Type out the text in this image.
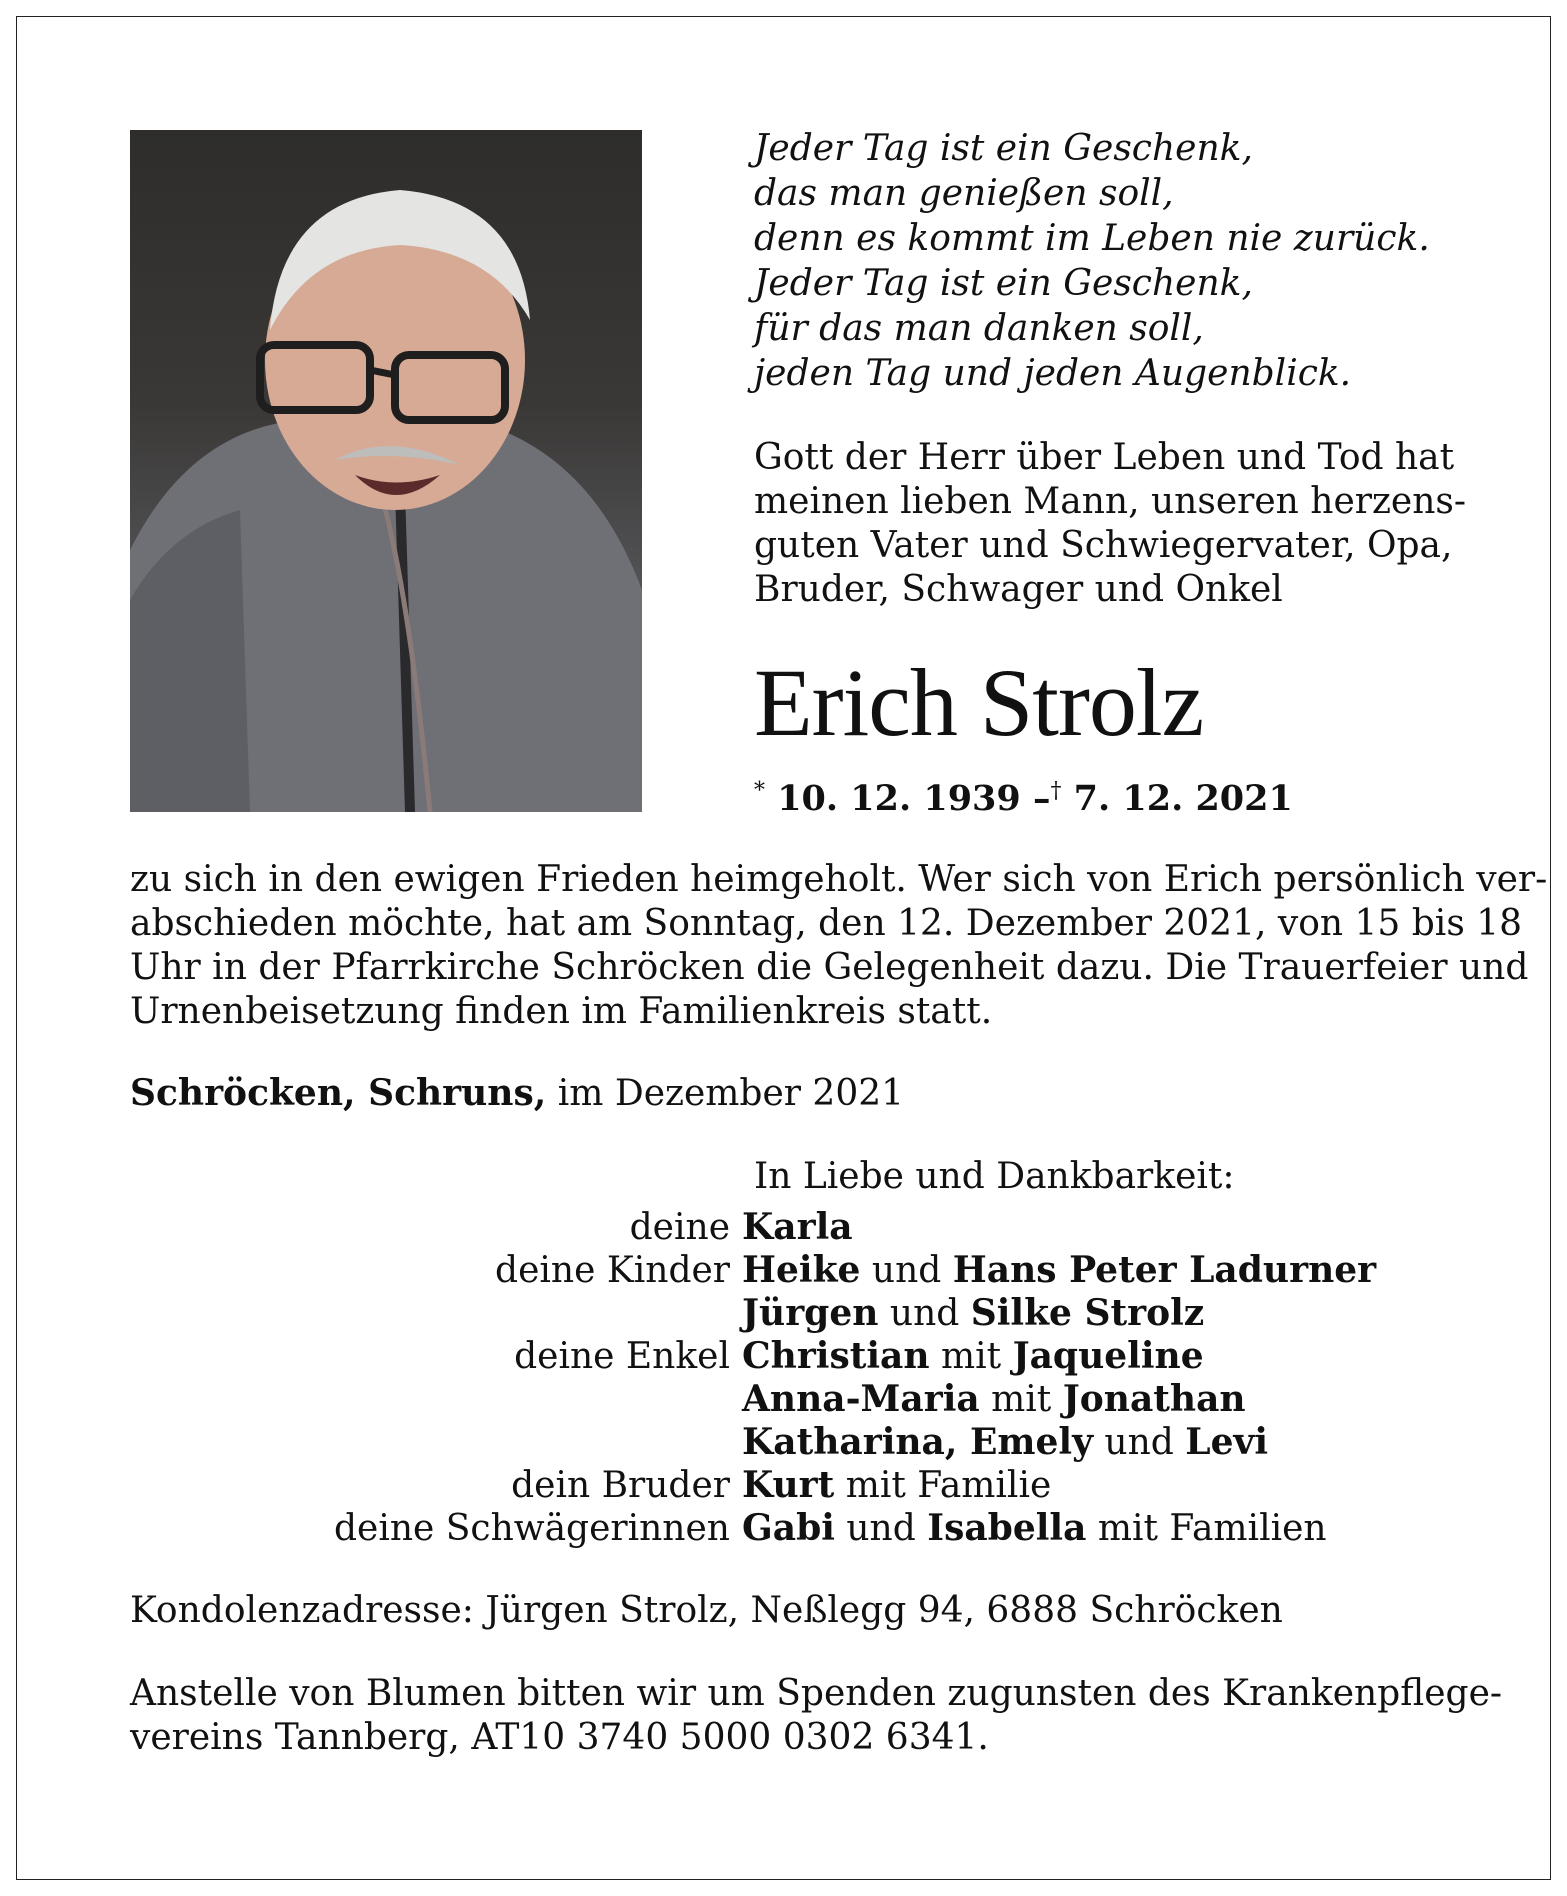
Jeder Tag ist ein Geschenk,
das man genießen soll,
denn es kommt im Leben nie zurück.
Jeder Tag ist ein Geschenk,
für das man danken soll,
jeden Tag und jeden Augenblick.
Gott der Herr über Leben und Tod hat
meinen lieben Mann, unseren herzens-
guten Vater und Schwiegervater, Opa,
Bruder, Schwager und Onkel
Erich Strolz
* 10. 12. 1939 –† 7. 12. 2021
zu sich in den ewigen Frieden heimgeholt. Wer sich von Erich persönlich ver-
abschieden möchte, hat am Sonntag, den 12. Dezember 2021, von 15 bis 18
Uhr in der Pfarrkirche Schröcken die Gelegenheit dazu. Die Trauerfeier und
Urnenbeisetzung finden im Familienkreis statt.
Schröcken, Schruns, im Dezember 2021
In Liebe und Dankbarkeit:
deine Karla
deine Kinder Heike und Hans Peter Ladurner
Jürgen und Silke Strolz
deine Enkel Christian mit Jaqueline
Anna-Maria mit Jonathan
Katharina, Emely und Levi
dein Bruder Kurt mit Familie
deine Schwägerinnen Gabi und Isabella mit Familien
Kondolenzadresse: Jürgen Strolz, Neßlegg 94, 6888 Schröcken
Anstelle von Blumen bitten wir um Spenden zugunsten des Krankenpflege-
vereins Tannberg, AT10 3740 5000 0302 6341.
